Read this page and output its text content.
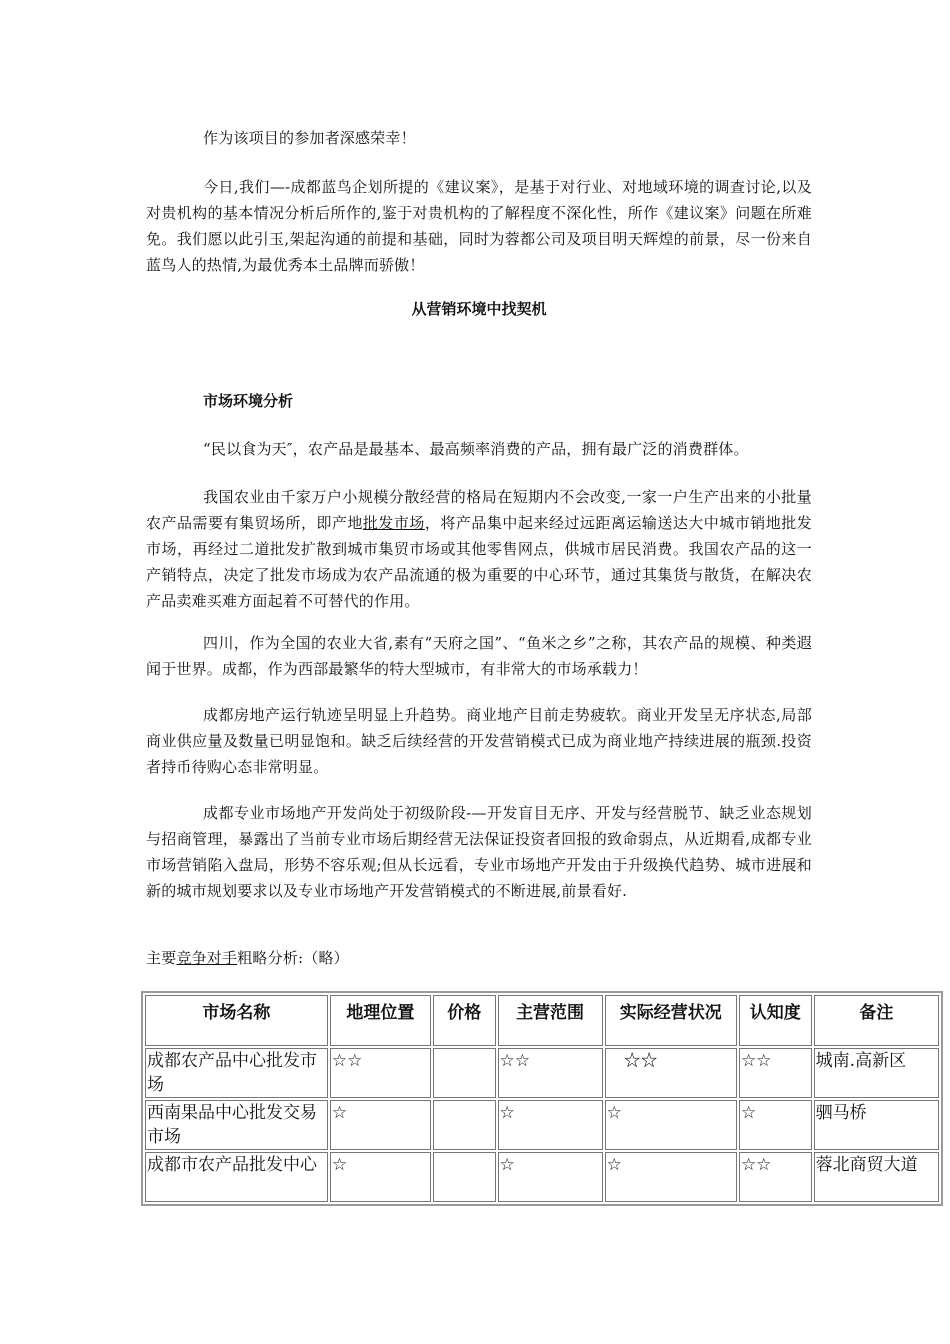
作为该项目的参加者深感荣幸！
今日,我们—-成都蓝鸟企划所提的《建议案》，是基于对行业、对地域环境的调查讨论,以及对贵机构的基本情况分析后所作的,鉴于对贵机构的了解程度不深化性，所作《建议案》问题在所难免。我们愿以此引玉,架起沟通的前提和基础，同时为蓉都公司及项目明天辉煌的前景，尽一份来自蓝鸟人的热情,为最优秀本土品牌而骄傲！
从营销环境中找契机
市场环境分析
“民以食为天″，农产品是最基本、最高频率消费的产品，拥有最广泛的消费群体。
我国农业由千家万户小规模分散经营的格局在短期内不会改变,一家一户生产出来的小批量农产品需要有集贸场所，即产地批发市场，将产品集中起来经过远距离运输送达大中城市销地批发市场，再经过二道批发扩散到城市集贸市场或其他零售网点，供城市居民消费。我国农产品的这一产销特点，决定了批发市场成为农产品流通的极为重要的中心环节，通过其集货与散货，在解决农产品卖难买难方面起着不可替代的作用。
四川，作为全国的农业大省,素有“天府之国”、“鱼米之乡”之称，其农产品的规模、种类遐闻于世界。成都，作为西部最繁华的特大型城市，有非常大的市场承载力！
成都房地产运行轨迹呈明显上升趋势。商业地产目前走势疲软。商业开发呈无序状态,局部商业供应量及数量已明显饱和。缺乏后续经营的开发营销模式已成为商业地产持续进展的瓶颈.投资者持币待购心态非常明显。
成都专业市场地产开发尚处于初级阶段-—开发盲目无序、开发与经营脱节、缺乏业态规划与招商管理，暴露出了当前专业市场后期经营无法保证投资者回报的致命弱点，从近期看,成都专业市场营销陷入盘局，形势不容乐观;但从长远看，专业市场地产开发由于升级换代趋势、城市进展和新的城市规划要求以及专业市场地产开发营销模式的不断进展,前景看好.
主要竞争对手粗略分析:（略）
市场名称	地理位置	价格	主营范围	实际经营状况	认知度	备注
成都农产品中心批发市场	☆☆		☆☆	　☆☆	☆☆	城南.高新区
西南果品中心批发交易市场	☆		☆	☆	☆	驷马桥
成都市农产品批发中心	☆		☆	☆	☆☆	蓉北商贸大道
